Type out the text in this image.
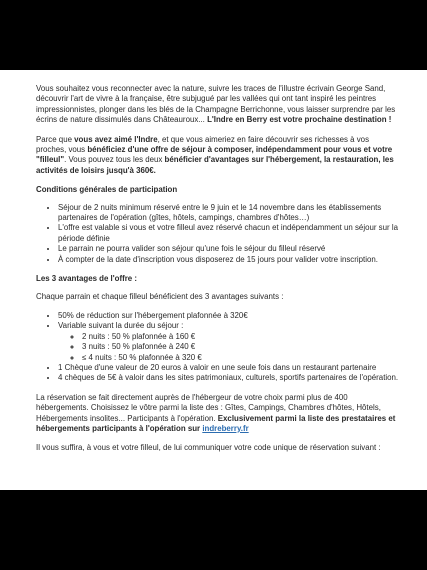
Vous souhaitez vous reconnecter avec la nature, suivre les traces de l'illustre écrivain George Sand, découvrir l'art de vivre à la française, être subjugué par les vallées qui ont tant inspiré les peintres impressionnistes, plonger dans les blés de la Champagne Berrichonne, vous laisser surprendre par les écrins de nature dissimulés dans Châteauroux... L'Indre en Berry est votre prochaine destination !

Parce que vous avez aimé l'Indre, et que vous aimeriez en faire découvrir ses richesses à vos proches, vous bénéficiez d'une offre de séjour à composer, indépendamment pour vous et votre "filleul". Vous pouvez tous les deux bénéficier d'avantages sur l'hébergement, la restauration, les activités de loisirs jusqu'à 360€.

Conditions générales de participation
• Séjour de 2 nuits minimum réservé entre le 9 juin et le 14 novembre dans les établissements partenaires de l'opération (gîtes, hôtels, campings, chambres d'hôtes…)
• L'offre est valable si vous et votre filleul avez réservé chacun et indépendamment un séjour sur la période définie
• Le parrain ne pourra valider son séjour qu'une fois le séjour du filleul réservé
• À compter de la date d'inscription vous disposerez de 15 jours pour valider votre inscription.
Les 3 avantages de l'offre :

Chaque parrain et chaque filleul bénéficient des 3 avantages suivants :

• 50% de réduction sur l'hébergement plafonnée à 320€
• Variable suivant la durée du séjour :
◦ 2 nuits : 50 % plafonnée à 160 €
◦ 3 nuits : 50 % plafonnée à 240 €
◦ ≤ 4 nuits : 50 % plafonnée à 320 €
• 1 Chèque d'une valeur de 20 euros à valoir en une seule fois dans un restaurant partenaire
• 4 chèques de 5€ à valoir dans les sites patrimoniaux, culturels, sportifs partenaires de l'opération.

La réservation se fait directement auprès de l'hébergeur de votre choix parmi plus de 400 hébergements. Choisissez le vôtre parmi la liste des : Gîtes, Campings, Chambres d'hôtes, Hôtels, Hébergements insolites... Participants à l'opération. Exclusivement parmi la liste des prestataires et hébergements participants à l'opération sur indreberry.fr

Il vous suffira, à vous et votre filleul, de lui communiquer votre code unique de réservation suivant :
